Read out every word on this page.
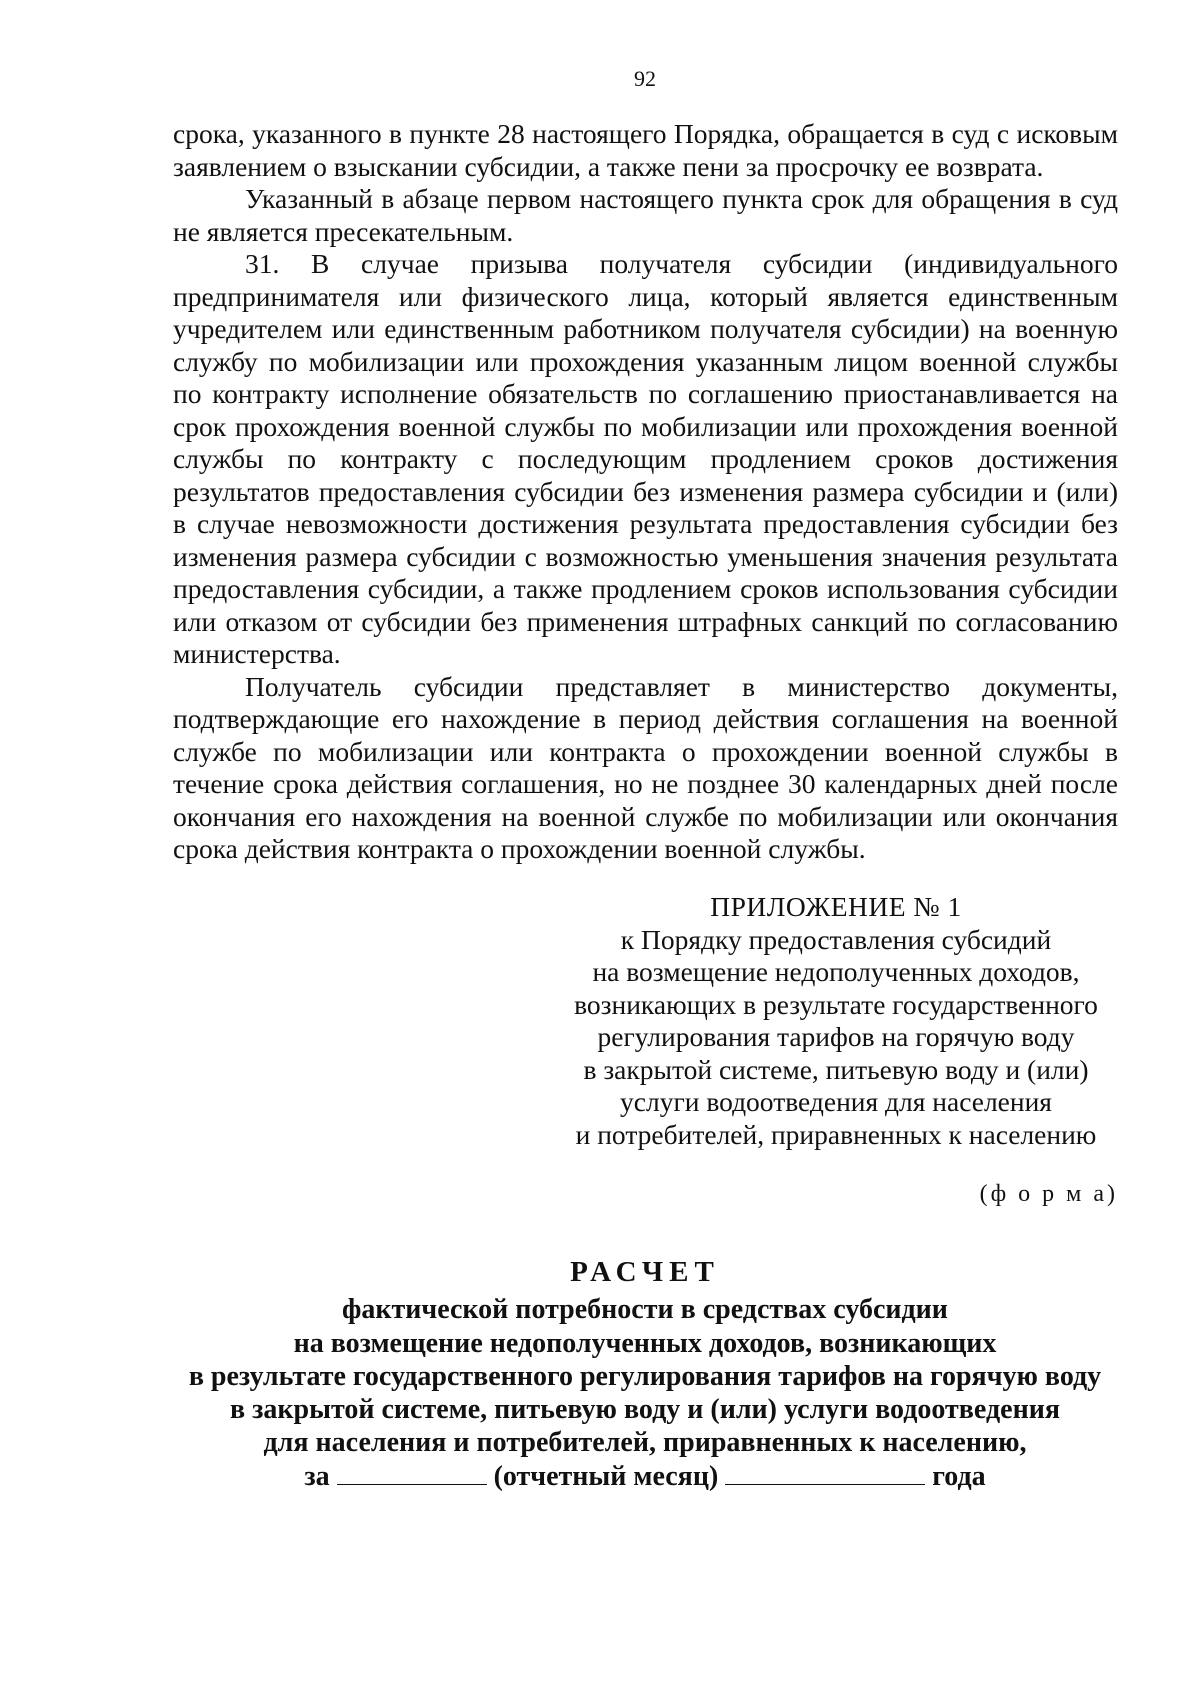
92

срока, указанного в пункте 28 настоящего Порядка, обращается в суд с исковым заявлением о взыскании субсидии, а также пени за просрочку ее возврата.

Указанный в абзаце первом настоящего пункта срок для обращения в суд не является пресекательным.

31. В случае призыва получателя субсидии (индивидуального предпринимателя или физического лица, который является единственным учредителем или единственным работником получателя субсидии) на военную службу по мобилизации или прохождения указанным лицом военной службы по контракту исполнение обязательств по соглашению приостанавливается на срок прохождения военной службы по мобилизации или прохождения военной службы по контракту с последующим продлением сроков достижения результатов предоставления субсидии без изменения размера субсидии и (или) в случае невозможности достижения результата предоставления субсидии без изменения размера субсидии с возможностью уменьшения значения результата предоставления субсидии, а также продлением сроков использования субсидии или отказом от субсидии без применения штрафных санкций по согласованию министерства.

Получатель субсидии представляет в министерство документы, подтверждающие его нахождение в период действия соглашения на военной службе по мобилизации или контракта о прохождении военной службы в течение срока действия соглашения, но не позднее 30 календарных дней после окончания его нахождения на военной службе по мобилизации или окончания срока действия контракта о прохождении военной службы.

ПРИЛОЖЕНИЕ № 1
к Порядку предоставления субсидий
на возмещение недополученных доходов,
возникающих в результате государственного
регулирования тарифов на горячую воду
в закрытой системе, питьевую воду и (или)
услуги водоотведения для населения
и потребителей, приравненных к населению
(ф о р м а)
РАСЧЕТ
фактической потребности в средствах субсидии
на возмещение недополученных доходов, возникающих
в результате государственного регулирования тарифов на горячую воду
в закрытой системе, питьевую воду и (или) услуги водоотведения
для населения и потребителей, приравненных к населению,
за	(отчетный месяц)	года
